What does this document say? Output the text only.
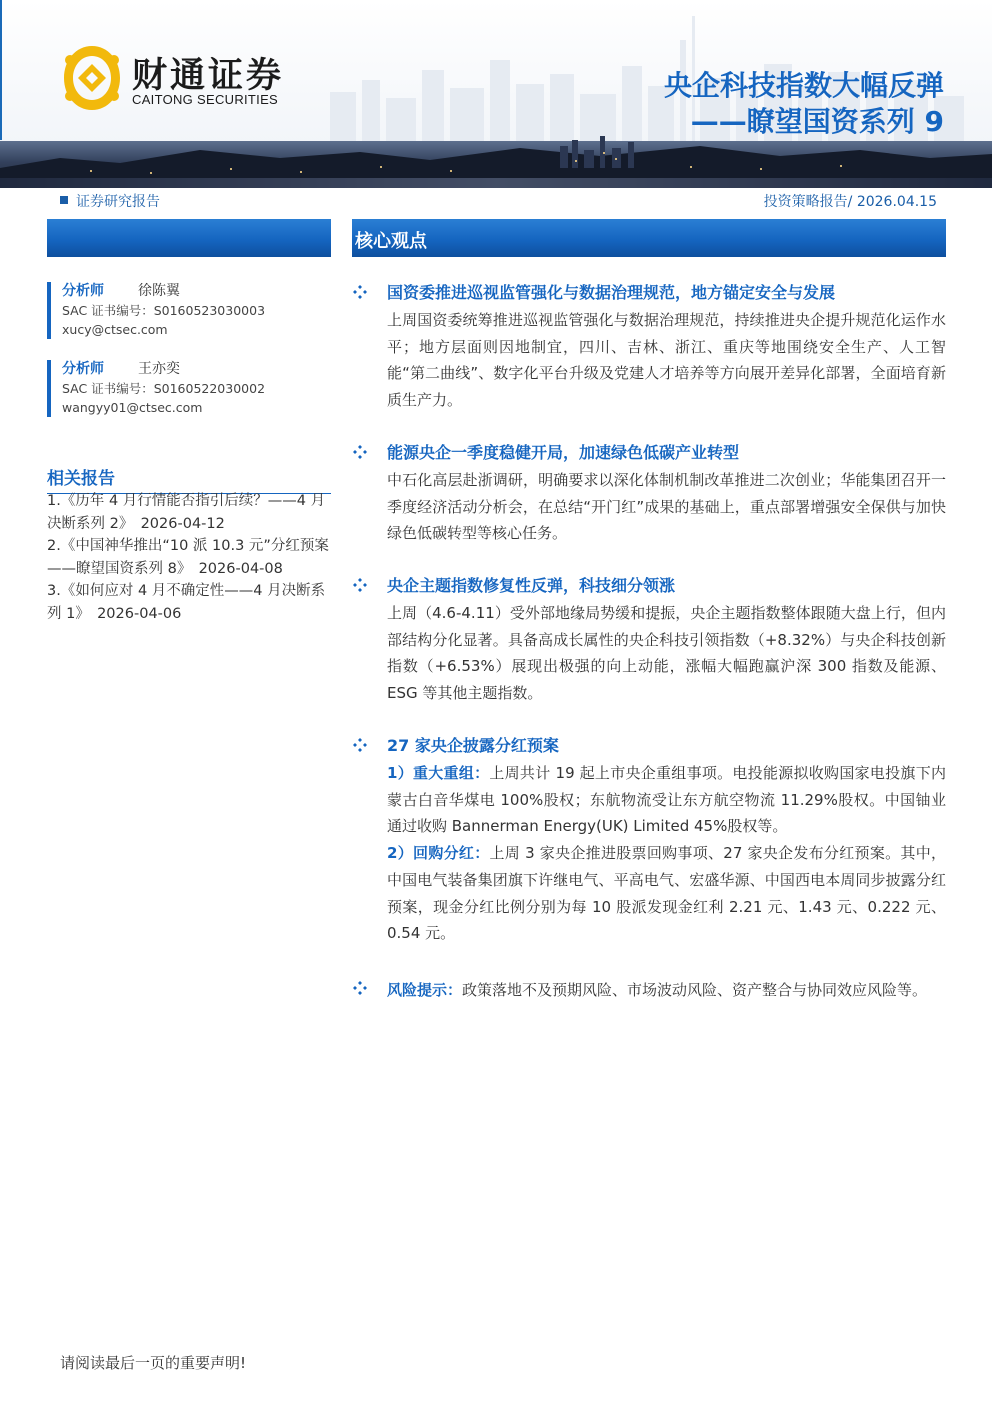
财通证券
CAITONG SECURITIES	央企科技指数大幅反弹
——瞭望国资系列 9
证券研究报告	投资策略报告/ 2026.04.15
分析师 徐陈翼
SAC 证书编号：S0160523030003
xucy@ctsec.com
分析师 王亦奕
SAC 证书编号：S0160522030002
wangyy01@ctsec.com
相关报告

1.《历年 4 月行情能否指引后续？——4 月决断系列 2》　2026-04-12

2.《中国神华推出“10 派 10.3 元”分红预案——瞭望国资系列 8》　2026-04-08

3.《如何应对 4 月不确定性——4 月决断系列 1》　2026-04-06

核心观点
国资委推进巡视监管强化与数据治理规范，地方锚定安全与发展
上周国资委统筹推进巡视监管强化与数据治理规范，持续推进央企提升规范化运作水平；地方层面则因地制宜，四川、吉林、浙江、重庆等地围绕安全生产、人工智能“第二曲线”、数字化平台升级及党建人才培养等方向展开差异化部署，全面培育新质生产力。
能源央企一季度稳健开局，加速绿色低碳产业转型
中石化高层赴浙调研，明确要求以深化体制机制改革推进二次创业；华能集团召开一季度经济活动分析会，在总结“开门红”成果的基础上，重点部署增强安全保供与加快绿色低碳转型等核心任务。
央企主题指数修复性反弹，科技细分领涨
上周（4.6-4.11）受外部地缘局势缓和提振，央企主题指数整体跟随大盘上行，但内部结构分化显著。具备高成长属性的央企科技引领指数（+8.32%）与央企科技创新指数（+6.53%）展现出极强的向上动能，涨幅大幅跑赢沪深 300 指数及能源、ESG 等其他主题指数。
27 家央企披露分红预案

1）重大重组：上周共计 19 起上市央企重组事项。电投能源拟收购国家电投旗下内蒙古白音华煤电 100%股权；东航物流受让东方航空物流 11.29%股权。中国铀业通过收购 Bannerman Energy(UK) Limited 45%股权等。

2）回购分红：上周 3 家央企推进股票回购事项、27 家央企发布分红预案。其中，中国电气装备集团旗下许继电气、平高电气、宏盛华源、中国西电本周同步披露分红预案，现金分红比例分别为每 10 股派发现金红利 2.21 元、1.43 元、0.222 元、0.54 元。

风险提示：政策落地不及预期风险、市场波动风险、资产整合与协同效应风险等。
请阅读最后一页的重要声明!
